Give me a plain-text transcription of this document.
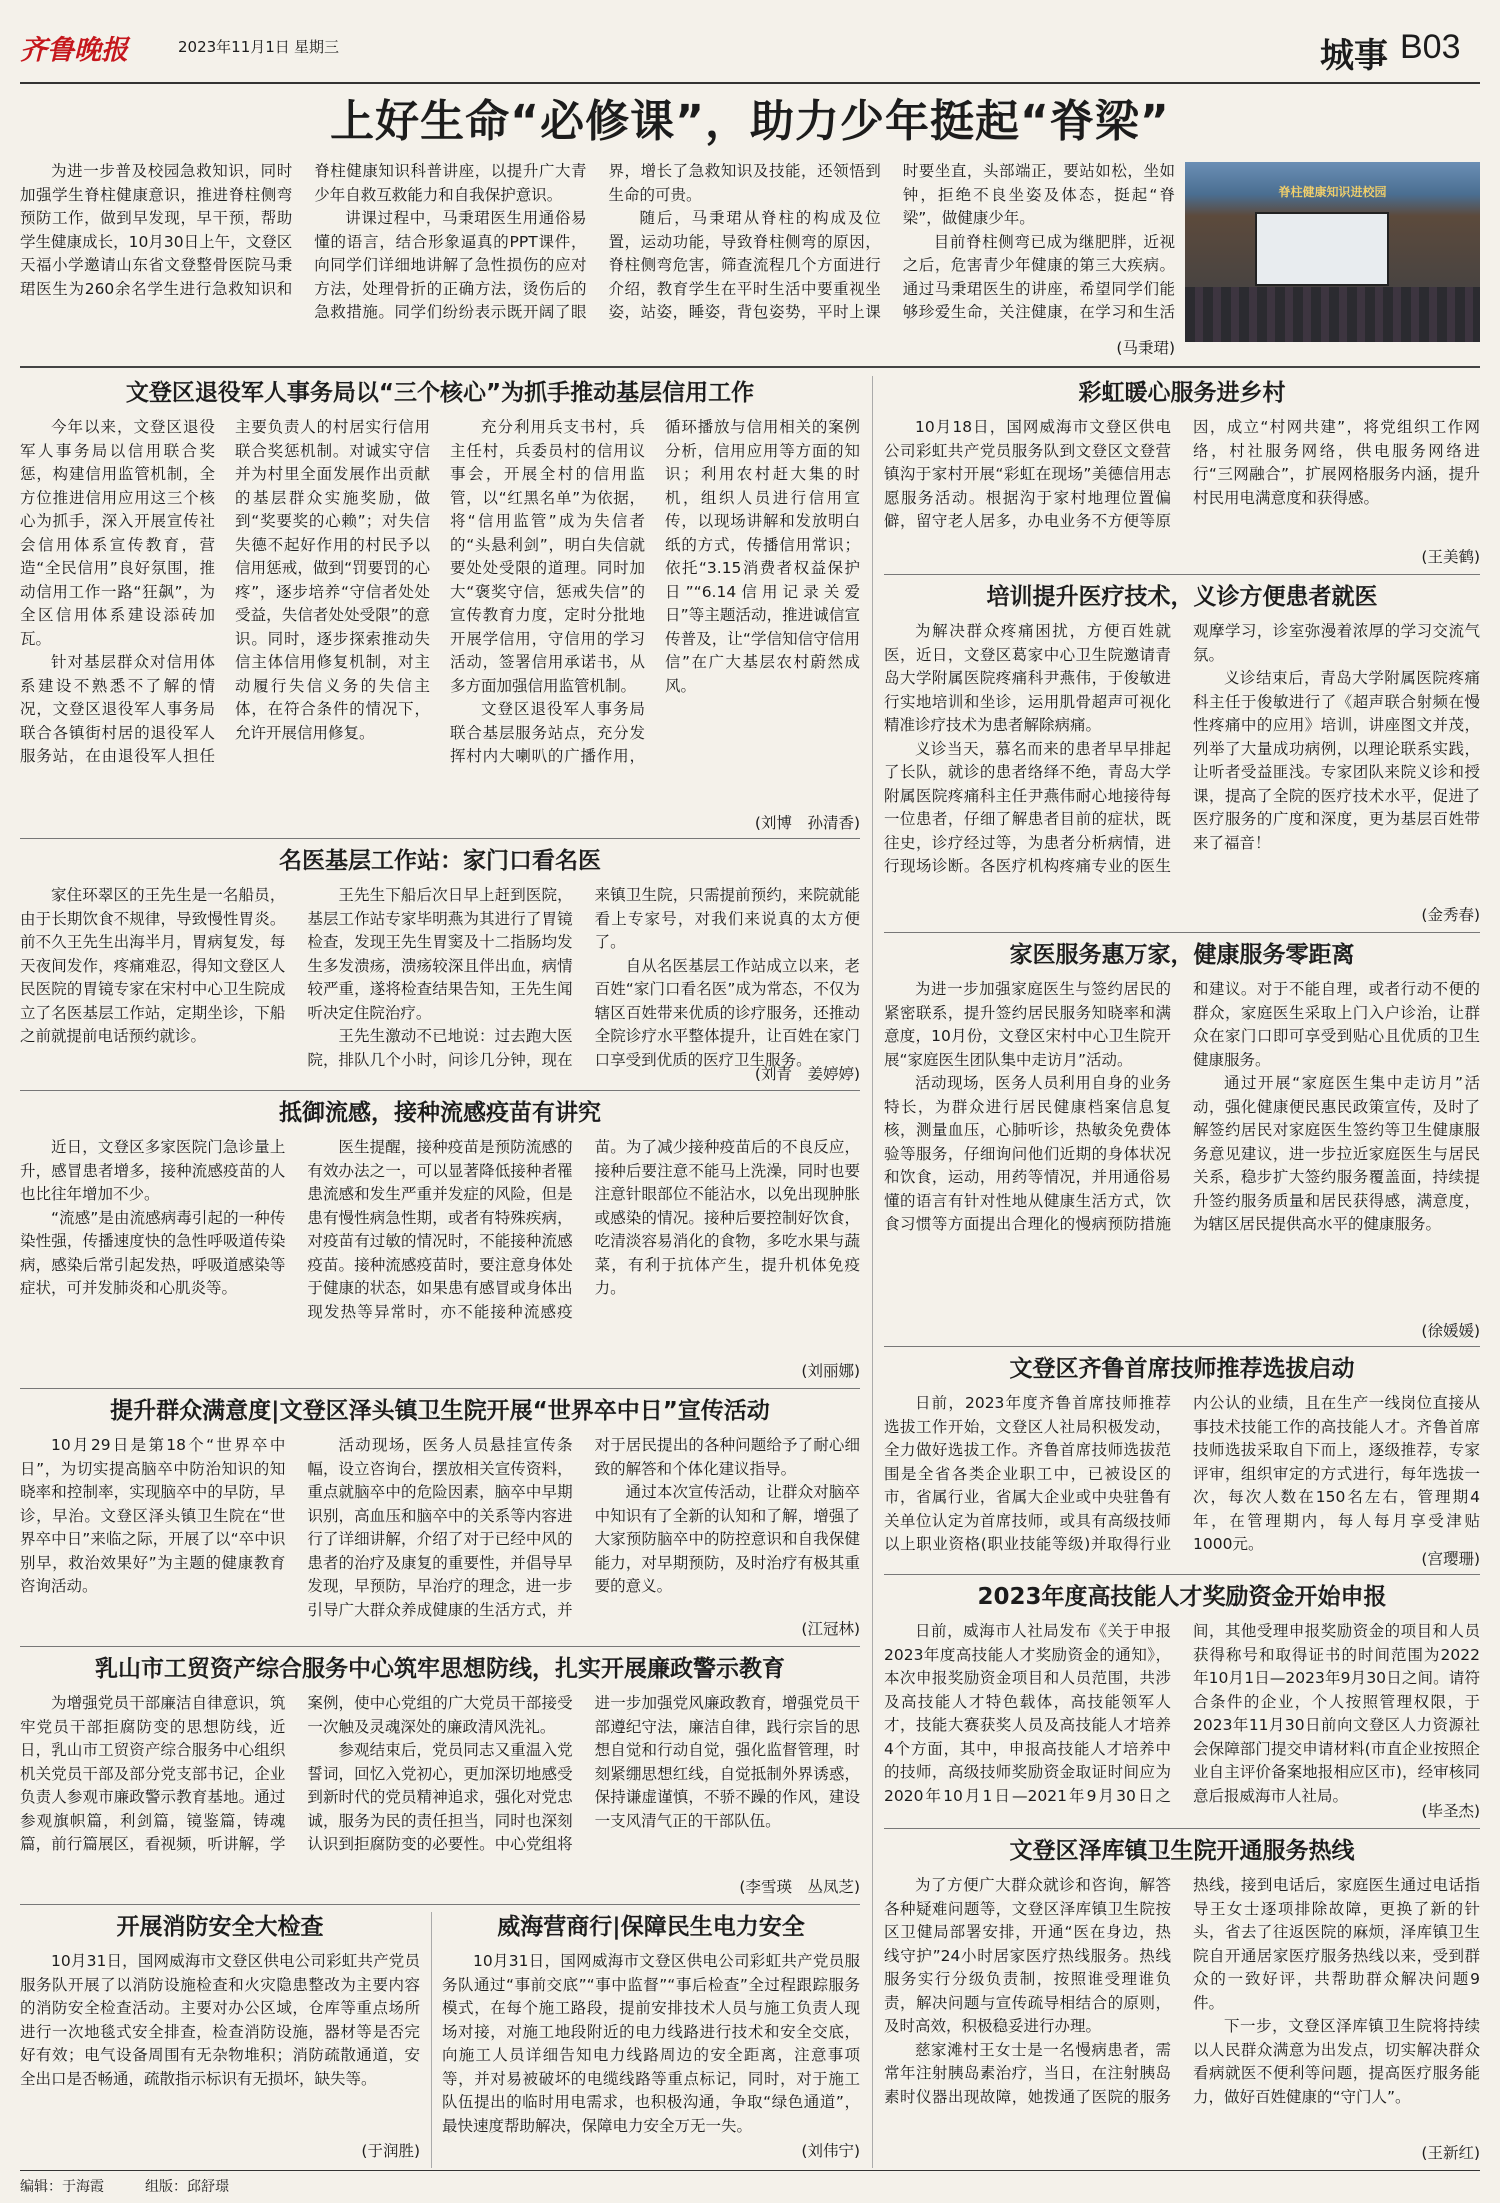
齐鲁晚报	2023年11月1日 星期三	城事 B03
上好生命“必修课”，助力少年挺起“脊梁”

为进一步普及校园急救知识，同时加强学生脊柱健康意识，推进脊柱侧弯预防工作，做到早发现，早干预，帮助学生健康成长，10月30日上午，文登区天福小学邀请山东省文登整骨医院马秉珺医生为260余名学生进行急救知识和脊柱健康知识科普讲座，以提升广大青少年自救互救能力和自我保护意识。

讲课过程中，马秉珺医生用通俗易懂的语言，结合形象逼真的PPT课件，向同学们详细地讲解了急性损伤的应对方法，处理骨折的正确方法，烫伤后的急救措施。同学们纷纷表示既开阔了眼界，增长了急救知识及技能，还领悟到生命的可贵。

随后，马秉珺从脊柱的构成及位置，运动功能，导致脊柱侧弯的原因，脊柱侧弯危害，筛查流程几个方面进行介绍，教育学生在平时生活中要重视坐姿，站姿，睡姿，背包姿势，平时上课时要坐直，头部端正，要站如松，坐如钟，拒绝不良坐姿及体态，挺起“脊梁”，做健康少年。

目前脊柱侧弯已成为继肥胖，近视之后，危害青少年健康的第三大疾病。通过马秉珺医生的讲座，希望同学们能够珍爱生命，关注健康，在学习和生活

(马秉珺)
脊柱健康知识进校园
文登区退役军人事务局以“三个核心”为抓手推动基层信用工作

今年以来，文登区退役军人事务局以信用联合奖惩，构建信用监管机制，全方位推进信用应用这三个核心为抓手，深入开展宣传社会信用体系宣传教育，营造“全民信用”良好氛围，推动信用工作一路“狂飙”，为全区信用体系建设添砖加瓦。

针对基层群众对信用体系建设不熟悉不了解的情况，文登区退役军人事务局联合各镇街村居的退役军人服务站，在由退役军人担任主要负责人的村居实行信用联合奖惩机制。对诚实守信并为村里全面发展作出贡献的基层群众实施奖励，做到“奖要奖的心赖”；对失信失德不起好作用的村民予以信用惩戒，做到“罚要罚的心疼”，逐步培养“守信者处处受益，失信者处处受限”的意识。同时，逐步探索推动失信主体信用修复机制，对主动履行失信义务的失信主体，在符合条件的情况下，允许开展信用修复。

充分利用兵支书村，兵主任村，兵委员村的信用议事会，开展全村的信用监管，以“红黑名单”为依据，将“信用监管”成为失信者的“头悬利剑”，明白失信就要处处受限的道理。同时加大“褒奖守信，惩戒失信”的宣传教育力度，定时分批地开展学信用，守信用的学习活动，签署信用承诺书，从多方面加强信用监管机制。

文登区退役军人事务局联合基层服务站点，充分发挥村内大喇叭的广播作用，循环播放与信用相关的案例分析，信用应用等方面的知识；利用农村赶大集的时机，组织人员进行信用宣传，以现场讲解和发放明白纸的方式，传播信用常识；依托“3.15消费者权益保护日”“6.14信用记录关爱日”等主题活动，推进诚信宣传普及，让“学信知信守信用信”在广大基层农村蔚然成风。

(刘博　孙清香)
名医基层工作站：家门口看名医

家住环翠区的王先生是一名船员，由于长期饮食不规律，导致慢性胃炎。前不久王先生出海半月，胃病复发，每天夜间发作，疼痛难忍，得知文登区人民医院的胃镜专家在宋村中心卫生院成立了名医基层工作站，定期坐诊，下船之前就提前电话预约就诊。

王先生下船后次日早上赶到医院，基层工作站专家毕明燕为其进行了胃镜检查，发现王先生胃窦及十二指肠均发生多发溃疡，溃疡较深且伴出血，病情较严重，遂将检查结果告知，王先生闻听决定住院治疗。

王先生激动不已地说：过去跑大医院，排队几个小时，问诊几分钟，现在来镇卫生院，只需提前预约，来院就能看上专家号，对我们来说真的太方便了。

自从名医基层工作站成立以来，老百姓“家门口看名医”成为常态，不仅为辖区百姓带来优质的诊疗服务，还推动全院诊疗水平整体提升，让百姓在家门口享受到优质的医疗卫生服务。

(刘青　姜婷婷)
抵御流感，接种流感疫苗有讲究

近日，文登区多家医院门急诊量上升，感冒患者增多，接种流感疫苗的人也比往年增加不少。

“流感”是由流感病毒引起的一种传染性强，传播速度快的急性呼吸道传染病，感染后常引起发热，呼吸道感染等症状，可并发肺炎和心肌炎等。

医生提醒，接种疫苗是预防流感的有效办法之一，可以显著降低接种者罹患流感和发生严重并发症的风险，但是患有慢性病急性期，或者有特殊疾病，对疫苗有过敏的情况时，不能接种流感疫苗。接种流感疫苗时，要注意身体处于健康的状态，如果患有感冒或身体出现发热等异常时，亦不能接种流感疫苗。为了减少接种疫苗后的不良反应，接种后要注意不能马上洗澡，同时也要注意针眼部位不能沾水，以免出现肿胀或感染的情况。接种后要控制好饮食，吃清淡容易消化的食物，多吃水果与蔬菜，有利于抗体产生，提升机体免疫力。

(刘丽娜)
提升群众满意度|文登区泽头镇卫生院开展“世界卒中日”宣传活动

10月29日是第18个“世界卒中日”，为切实提高脑卒中防治知识的知晓率和控制率，实现脑卒中的早防，早诊，早治。文登区泽头镇卫生院在“世界卒中日”来临之际，开展了以“卒中识别早，救治效果好”为主题的健康教育咨询活动。

活动现场，医务人员悬挂宣传条幅，设立咨询台，摆放相关宣传资料，重点就脑卒中的危险因素，脑卒中早期识别，高血压和脑卒中的关系等内容进行了详细讲解，介绍了对于已经中风的患者的治疗及康复的重要性，并倡导早发现，早预防，早治疗的理念，进一步引导广大群众养成健康的生活方式，并对于居民提出的各种问题给予了耐心细致的解答和个体化建议指导。

通过本次宣传活动，让群众对脑卒中知识有了全新的认知和了解，增强了大家预防脑卒中的防控意识和自我保健能力，对早期预防，及时治疗有极其重要的意义。

(江冠林)
乳山市工贸资产综合服务中心筑牢思想防线，扎实开展廉政警示教育

为增强党员干部廉洁自律意识，筑牢党员干部拒腐防变的思想防线，近日，乳山市工贸资产综合服务中心组织机关党员干部及部分党支部书记，企业负责人参观市廉政警示教育基地。通过参观旗帜篇，利剑篇，镜鉴篇，铸魂篇，前行篇展区，看视频，听讲解，学案例，使中心党组的广大党员干部接受一次触及灵魂深处的廉政清风洗礼。

参观结束后，党员同志又重温入党誓词，回忆入党初心，更加深切地感受到新时代的党员精神追求，强化对党忠诚，服务为民的责任担当，同时也深刻认识到拒腐防变的必要性。中心党组将进一步加强党风廉政教育，增强党员干部遵纪守法，廉洁自律，践行宗旨的思想自觉和行动自觉，强化监督管理，时刻紧绷思想红线，自觉抵制外界诱惑，保持谦虚谨慎，不骄不躁的作风，建设一支风清气正的干部队伍。

(李雪瑛　丛凤芝)
开展消防安全大检查

10月31日，国网威海市文登区供电公司彩虹共产党员服务队开展了以消防设施检查和火灾隐患整改为主要内容的消防安全检查活动。主要对办公区域，仓库等重点场所进行一次地毯式安全排查，检查消防设施，器材等是否完好有效；电气设备周围有无杂物堆积；消防疏散通道，安全出口是否畅通，疏散指示标识有无损坏，缺失等。

(于润胜)
威海营商行|保障民生电力安全

10月31日，国网威海市文登区供电公司彩虹共产党员服务队通过“事前交底”“事中监督”“事后检查”全过程跟踪服务模式，在每个施工路段，提前安排技术人员与施工负责人现场对接，对施工地段附近的电力线路进行技术和安全交底，向施工人员详细告知电力线路周边的安全距离，注意事项等，并对易被破坏的电缆线路等重点标记，同时，对于施工队伍提出的临时用电需求，也积极沟通，争取“绿色通道”，最快速度帮助解决，保障电力安全万无一失。

(刘伟宁)
彩虹暖心服务进乡村

10月18日，国网威海市文登区供电公司彩虹共产党员服务队到文登区文登营镇沟于家村开展“彩虹在现场”美德信用志愿服务活动。根据沟于家村地理位置偏僻，留守老人居多，办电业务不方便等原因，成立“村网共建”，将党组织工作网络，村社服务网络，供电服务网络进行“三网融合”，扩展网格服务内涵，提升村民用电满意度和获得感。

(王美鹤)
培训提升医疗技术，义诊方便患者就医

为解决群众疼痛困扰，方便百姓就医，近日，文登区葛家中心卫生院邀请青岛大学附属医院疼痛科尹燕伟，于俊敏进行实地培训和坐诊，运用肌骨超声可视化精准诊疗技术为患者解除病痛。

义诊当天，慕名而来的患者早早排起了长队，就诊的患者络绎不绝，青岛大学附属医院疼痛科主任尹燕伟耐心地接待每一位患者，仔细了解患者目前的症状，既往史，诊疗经过等，为患者分析病情，进行现场诊断。各医疗机构疼痛专业的医生观摩学习，诊室弥漫着浓厚的学习交流气氛。

义诊结束后，青岛大学附属医院疼痛科主任于俊敏进行了《超声联合射频在慢性疼痛中的应用》培训，讲座图文并茂，列举了大量成功病例，以理论联系实践，让听者受益匪浅。专家团队来院义诊和授课，提高了全院的医疗技术水平，促进了医疗服务的广度和深度，更为基层百姓带来了福音！

(金秀春)
家医服务惠万家，健康服务零距离

为进一步加强家庭医生与签约居民的紧密联系，提升签约居民服务知晓率和满意度，10月份，文登区宋村中心卫生院开展“家庭医生团队集中走访月”活动。

活动现场，医务人员利用自身的业务特长，为群众进行居民健康档案信息复核，测量血压，心肺听诊，热敏灸免费体验等服务，仔细询问他们近期的身体状况和饮食，运动，用药等情况，并用通俗易懂的语言有针对性地从健康生活方式，饮食习惯等方面提出合理化的慢病预防措施和建议。对于不能自理，或者行动不便的群众，家庭医生采取上门入户诊治，让群众在家门口即可享受到贴心且优质的卫生健康服务。

通过开展“家庭医生集中走访月”活动，强化健康便民惠民政策宣传，及时了解签约居民对家庭医生签约等卫生健康服务意见建议，进一步拉近家庭医生与居民关系，稳步扩大签约服务覆盖面，持续提升签约服务质量和居民获得感，满意度，为辖区居民提供高水平的健康服务。

(徐媛媛)
文登区齐鲁首席技师推荐选拔启动

日前，2023年度齐鲁首席技师推荐选拔工作开始，文登区人社局积极发动，全力做好选拔工作。齐鲁首席技师选拔范围是全省各类企业职工中，已被设区的市，省属行业，省属大企业或中央驻鲁有关单位认定为首席技师，或具有高级技师以上职业资格(职业技能等级)并取得行业内公认的业绩，且在生产一线岗位直接从事技术技能工作的高技能人才。齐鲁首席技师选拔采取自下而上，逐级推荐，专家评审，组织审定的方式进行，每年选拔一次，每次人数在150名左右，管理期4年，在管理期内，每人每月享受津贴1000元。

(宫璎珊)
2023年度高技能人才奖励资金开始申报

日前，威海市人社局发布《关于申报2023年度高技能人才奖励资金的通知》，本次申报奖励资金项目和人员范围，共涉及高技能人才特色载体，高技能领军人才，技能大赛获奖人员及高技能人才培养4个方面，其中，申报高技能人才培养中的技师，高级技师奖励资金取证时间应为2020年10月1日—2021年9月30日之间，其他受理申报奖励资金的项目和人员获得称号和取得证书的时间范围为2022年10月1日—2023年9月30日之间。请符合条件的企业，个人按照管理权限，于2023年11月30日前向文登区人力资源社会保障部门提交申请材料(市直企业按照企业自主评价备案地报相应区市)，经审核同意后报威海市人社局。

(毕圣杰)
文登区泽库镇卫生院开通服务热线

为了方便广大群众就诊和咨询，解答各种疑难问题等，文登区泽库镇卫生院按区卫健局部署安排，开通“医在身边，热线守护”24小时居家医疗热线服务。热线服务实行分级负责制，按照谁受理谁负责，解决问题与宣传疏导相结合的原则，及时高效，积极稳妥进行办理。

慈家滩村王女士是一名慢病患者，需常年注射胰岛素治疗，当日，在注射胰岛素时仪器出现故障，她拨通了医院的服务热线，接到电话后，家庭医生通过电话指导王女士逐项排除故障，更换了新的针头，省去了往返医院的麻烦，泽库镇卫生院自开通居家医疗服务热线以来，受到群众的一致好评，共帮助群众解决问题9件。

下一步，文登区泽库镇卫生院将持续以人民群众满意为出发点，切实解决群众看病就医不便利等问题，提高医疗服务能力，做好百姓健康的“守门人”。

(王新红)
编辑：于海霞	组版：邱舒璟
